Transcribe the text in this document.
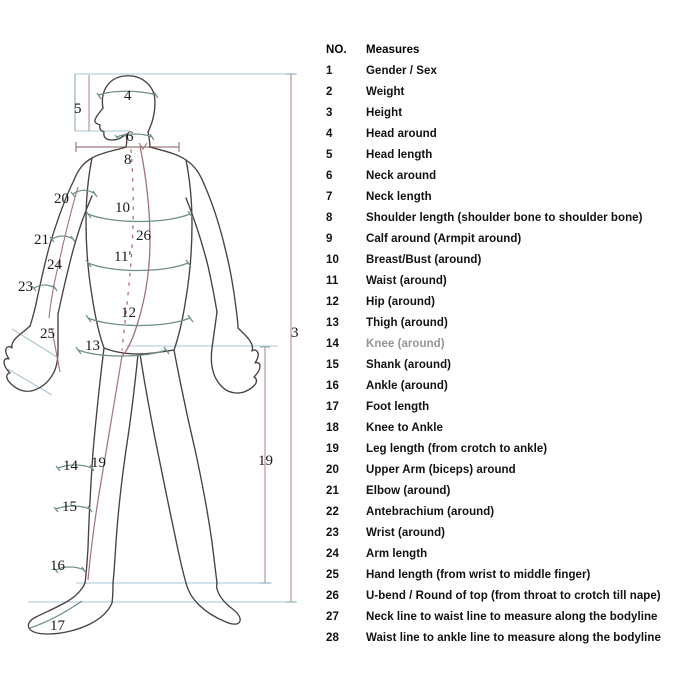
3
4
5
6
8
10
11'
12
13
14
15
16
17
19	19
20
21
23
24
25
26
NO.	Measures
1	Gender / Sex
2	Weight
3	Height
4	Head around
5	Head length
6	Neck around
7	Neck length
8	Shoulder length (shoulder bone to shoulder bone)
9	Calf around (Armpit around)
10	Breast/Bust (around)
11	Waist (around)
12	Hip (around)
13	Thigh (around)
14	Knee (around)
15	Shank (around)
16	Ankle (around)
17	Foot length
18	Knee to Ankle
19	Leg length (from crotch to ankle)
20	Upper Arm (biceps) around
21	Elbow (around)
22	Antebrachium (around)
23	Wrist (around)
24	Arm length
25	Hand length (from wrist to middle finger)
26	U-bend / Round of top (from throat to crotch till nape)
27	Neck line to waist line to measure along the bodyline
28	Waist line to ankle line to measure along the bodyline
